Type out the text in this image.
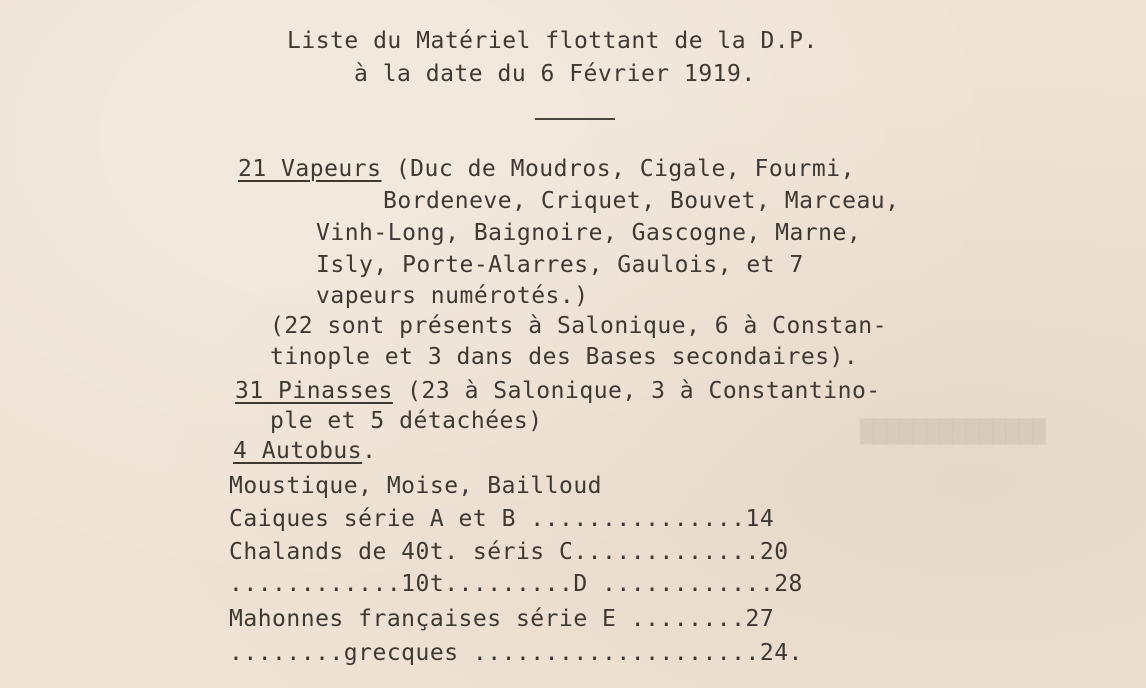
██████████████
Liste du Matériel flottant de la D.P.
à la date du 6 Février 1919.
21 Vapeurs (Duc de Moudros, Cigale, Fourmi,
Bordeneve, Criquet, Bouvet, Marceau,
Vinh-Long, Baignoire, Gascogne, Marne,
Isly, Porte-Alarres, Gaulois, et 7
vapeurs numérotés.)
(22 sont présents à Salonique, 6 à Constan-
tinople et 3 dans des Bases secondaires).
31 Pinasses (23 à Salonique, 3 à Constantino-
ple et 5 détachées)
4 Autobus.
Moustique, Moise, Bailloud
Caiques série A et B ...............14
Chalands de 40t. séris C.............20
............10t.........D ............28
Mahonnes françaises série E ........27
........grecques ....................24.
